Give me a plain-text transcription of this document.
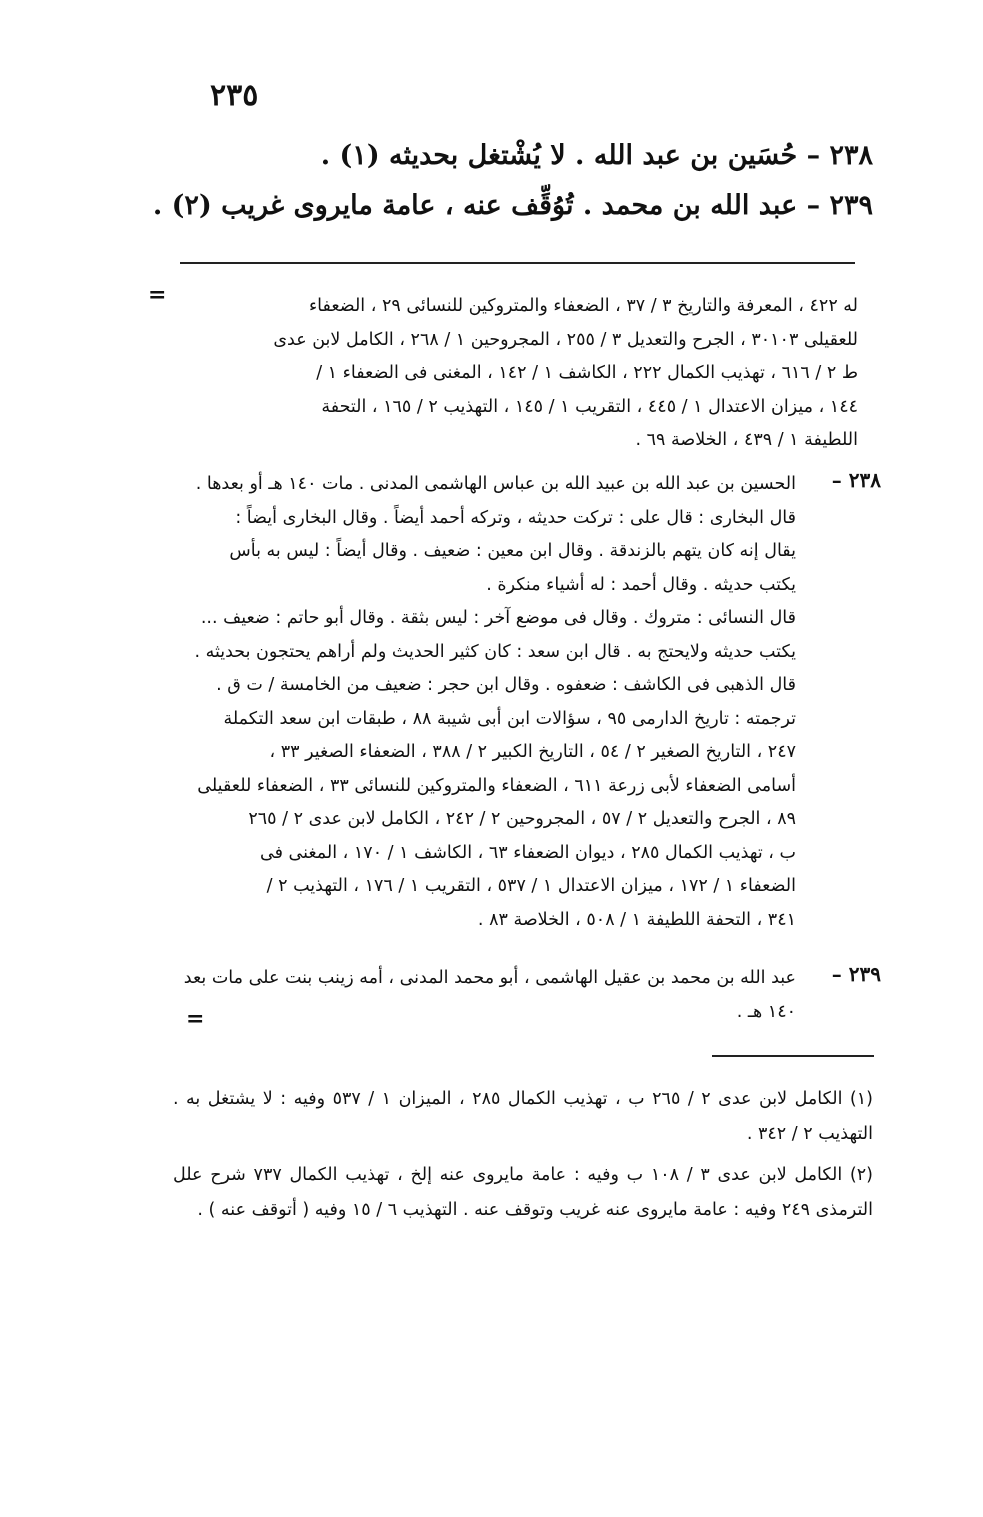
٢٣٥
٢٣٨ – حُسَين بن عبد الله . لا يُشْتغل بحديثه (١) .
٢٣٩ – عبد الله بن محمد . تُوُقِّف عنه ، عامة مايروى غريب (٢) .
=	له ٤٢٢ ، المعرفة والتاريخ ٣ / ٣٧ ، الضعفاء والمتروكين للنسائى ٢٩ ، الضعفاء

للعقيلى ٣٠١٠٣ ، الجرح والتعديل ٣ / ٢٥٥ ، المجروحين ١ / ٢٦٨ ، الكامل لابن عدى

ط ٢ / ٦١٦ ، تهذيب الكمال ٢٢٢ ، الكاشف ١ / ١٤٢ ، المغنى فى الضعفاء ١ /

١٤٤ ، ميزان الاعتدال ١ / ٤٤٥ ، التقريب ١ / ١٤٥ ، التهذيب ٢ / ١٦٥ ، التحفة

اللطيفة ١ / ٤٣٩ ، الخلاصة ٦٩ .

٢٣٨ –
الحسين بن عبد الله بن عبيد الله بن عباس الهاشمى المدنى . مات ١٤٠ هـ أو بعدها .
قال البخارى : قال على : تركت حديثه ، وتركه أحمد أيضاً . وقال البخارى أيضاً :
يقال إنه كان يتهم بالزندقة . وقال ابن معين : ضعيف . وقال أيضاً : ليس به بأس
يكتب حديثه . وقال أحمد : له أشياء منكرة .
قال النسائى : متروك . وقال فى موضع آخر : ليس بثقة . وقال أبو حاتم : ضعيف ...
يكتب حديثه ولايحتج به . قال ابن سعد : كان كثير الحديث ولم أراهم يحتجون بحديثه .
قال الذهبى فى الكاشف : ضعفوه . وقال ابن حجر : ضعيف من الخامسة / ت ق .
ترجمته : تاريخ الدارمى ٩٥ ، سؤالات ابن أبى شيبة ٨٨ ، طبقات ابن سعد التكملة
٢٤٧ ، التاريخ الصغير ٢ / ٥٤ ، التاريخ الكبير ٢ / ٣٨٨ ، الضعفاء الصغير ٣٣ ،
أسامى الضعفاء لأبى زرعة ٦١١ ، الضعفاء والمتروكين للنسائى ٣٣ ، الضعفاء للعقيلى
٨٩ ، الجرح والتعديل ٢ / ٥٧ ، المجروحين ٢ / ٢٤٢ ، الكامل لابن عدى ٢ / ٢٦٥
ب ، تهذيب الكمال ٢٨٥ ، ديوان الضعفاء ٦٣ ، الكاشف ١ / ١٧٠ ، المغنى فى
الضعفاء ١ / ١٧٢ ، ميزان الاعتدال ١ / ٥٣٧ ، التقريب ١ / ١٧٦ ، التهذيب ٢ /
٣٤١ ، التحفة اللطيفة ١ / ٥٠٨ ، الخلاصة ٨٣ .
٢٣٩ –
عبد الله بن محمد بن عقيل الهاشمى ، أبو محمد المدنى ، أمه زينب بنت على مات بعد
١٤٠ هـ .
=

(١) الكامل لابن عدى ٢ / ٢٦٥ ب ، تهذيب الكمال ٢٨٥ ، الميزان ١ / ٥٣٧ وفيه : لا يشتغل به . التهذيب ٢ / ٣٤٢ .

(٢) الكامل لابن عدى ٣ / ١٠٨ ب وفيه : عامة مايروى عنه إلخ ، تهذيب الكمال ٧٣٧ شرح علل الترمذى ٢٤٩ وفيه : عامة مايروى عنه غريب وتوقف عنه . التهذيب ٦ / ١٥ وفيه ( أتوقف عنه ) .
